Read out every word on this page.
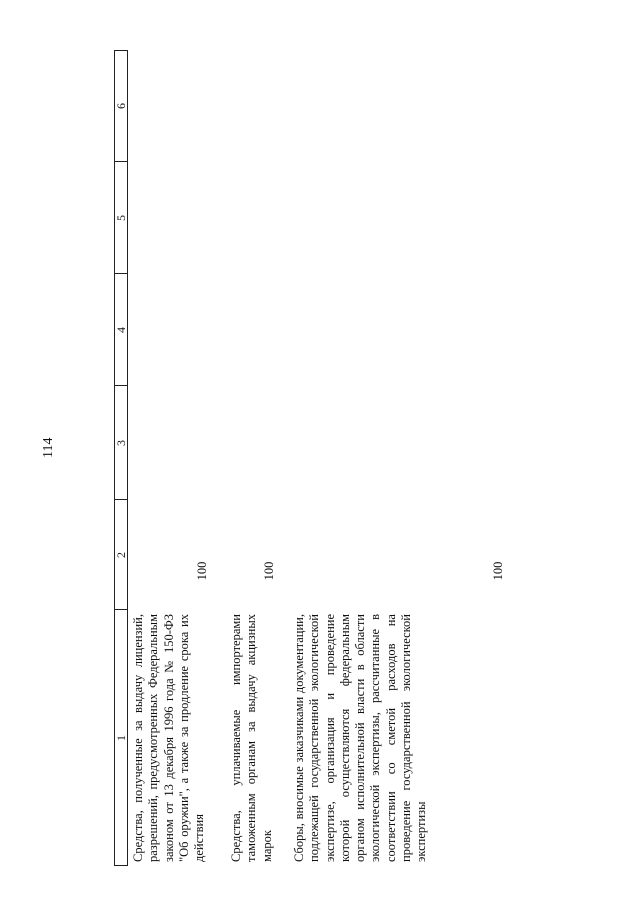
114
1
2
3
4
5
6

Средства, полученные за выдачу лицензий, разрешений, предусмотренных Федеральным законом от 13 декабря 1996 года № 150-ФЗ "Об оружии", а также за продление срока их действия

100

Средства, уплачиваемые импортерами таможенным органам за выдачу акцизных марок

100

Сборы, вносимые заказчиками документации, подлежащей государственной экологической экспертизе, организация и проведение которой осуществляются федеральным органом исполнительной власти в области экологической экспертизы, рассчитанные в соответствии со сметой расходов на проведение государственной экологической экспертизы

100
